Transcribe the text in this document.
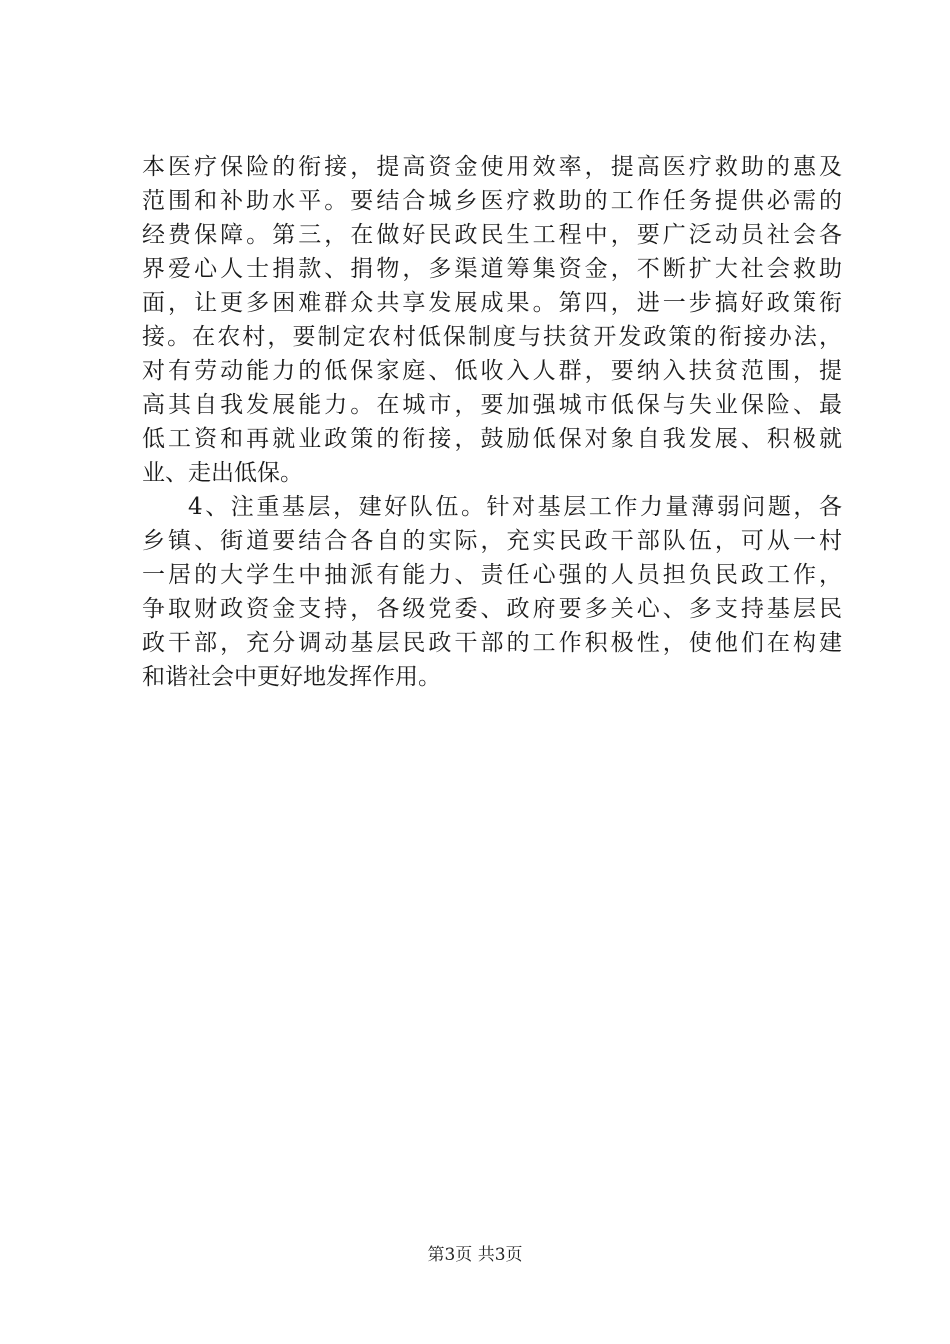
本医疗保险的衔接，提高资金使用效率，提高医疗救助的惠及
范围和补助水平。要结合城乡医疗救助的工作任务提供必需的
经费保障。第三，在做好民政民生工程中，要广泛动员社会各
界爱心人士捐款、捐物，多渠道筹集资金，不断扩大社会救助
面，让更多困难群众共享发展成果。第四，进一步搞好政策衔
接。在农村，要制定农村低保制度与扶贫开发政策的衔接办法，
对有劳动能力的低保家庭、低收入人群，要纳入扶贫范围，提
高其自我发展能力。在城市，要加强城市低保与失业保险、最
低工资和再就业政策的衔接，鼓励低保对象自我发展、积极就
业、走出低保。
4、注重基层，建好队伍。针对基层工作力量薄弱问题，各
乡镇、街道要结合各自的实际，充实民政干部队伍，可从一村
一居的大学生中抽派有能力、责任心强的人员担负民政工作，
争取财政资金支持，各级党委、政府要多关心、多支持基层民
政干部，充分调动基层民政干部的工作积极性，使他们在构建
和谐社会中更好地发挥作用。
第3页 共3页
